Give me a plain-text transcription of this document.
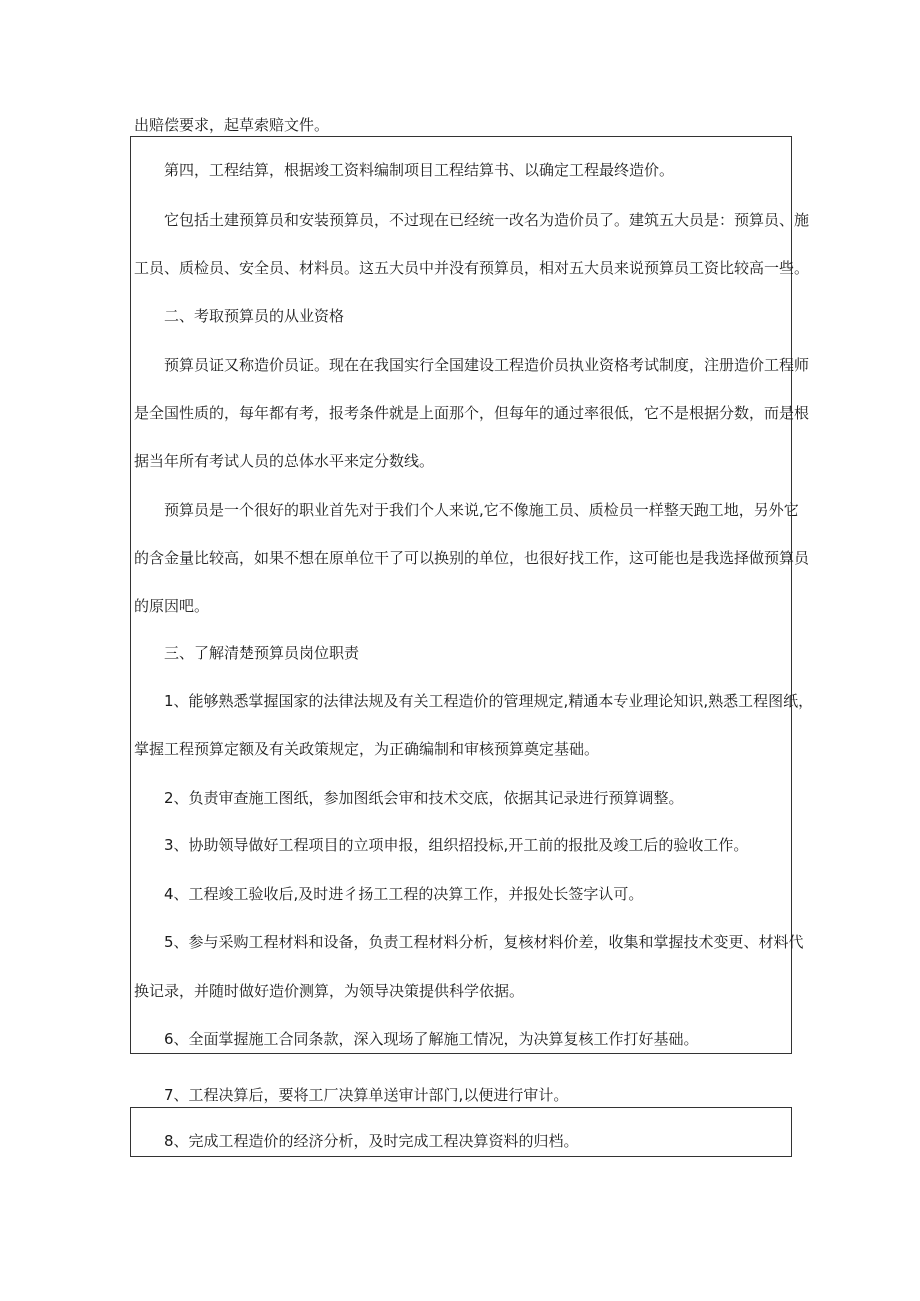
出赔偿要求，起草索赔文件。
第四，工程结算，根据竣工资料编制项目工程结算书、以确定工程最终造价。
它包括土建预算员和安装预算员，不过现在已经统一改名为造价员了。建筑五大员是：预算员、施
工员、质检员、安全员、材料员。这五大员中并没有预算员，相对五大员来说预算员工资比较高一些。
二、考取预算员的从业资格
预算员证又称造价员证。现在在我国实行全国建设工程造价员执业资格考试制度，注册造价工程师
是全国性质的，每年都有考，报考条件就是上面那个，但每年的通过率很低，它不是根据分数，而是根
据当年所有考试人员的总体水平来定分数线。
预算员是一个很好的职业首先对于我们个人来说,它不像施工员、质检员一样整天跑工地，另外它
的含金量比较高，如果不想在原单位干了可以换别的单位，也很好找工作，这可能也是我选择做预算员
的原因吧。
三、了解清楚预算员岗位职责
1、能够熟悉掌握国家的法律法规及有关工程造价的管理规定,精通本专业理论知识,熟悉工程图纸，
掌握工程预算定额及有关政策规定，为正确编制和审核预算奠定基础。
2、负责审查施工图纸，参加图纸会审和技术交底，依据其记录进行预算调整。
3、协助领导做好工程项目的立项申报，组织招投标,开工前的报批及竣工后的验收工作。
4、工程竣工验收后,及时进彳扬工工程的决算工作，并报处长签字认可。
5、参与采购工程材料和设备，负责工程材料分析，复核材料价差，收集和掌握技术变更、材料代
换记录，并随时做好造价测算，为领导决策提供科学依据。
6、全面掌握施工合同条款，深入现场了解施工情况，为决算复核工作打好基础。
7、工程决算后，要将工厂决算单送审计部门,以便进行审计。
8、完成工程造价的经济分析，及时完成工程决算资料的归档。
